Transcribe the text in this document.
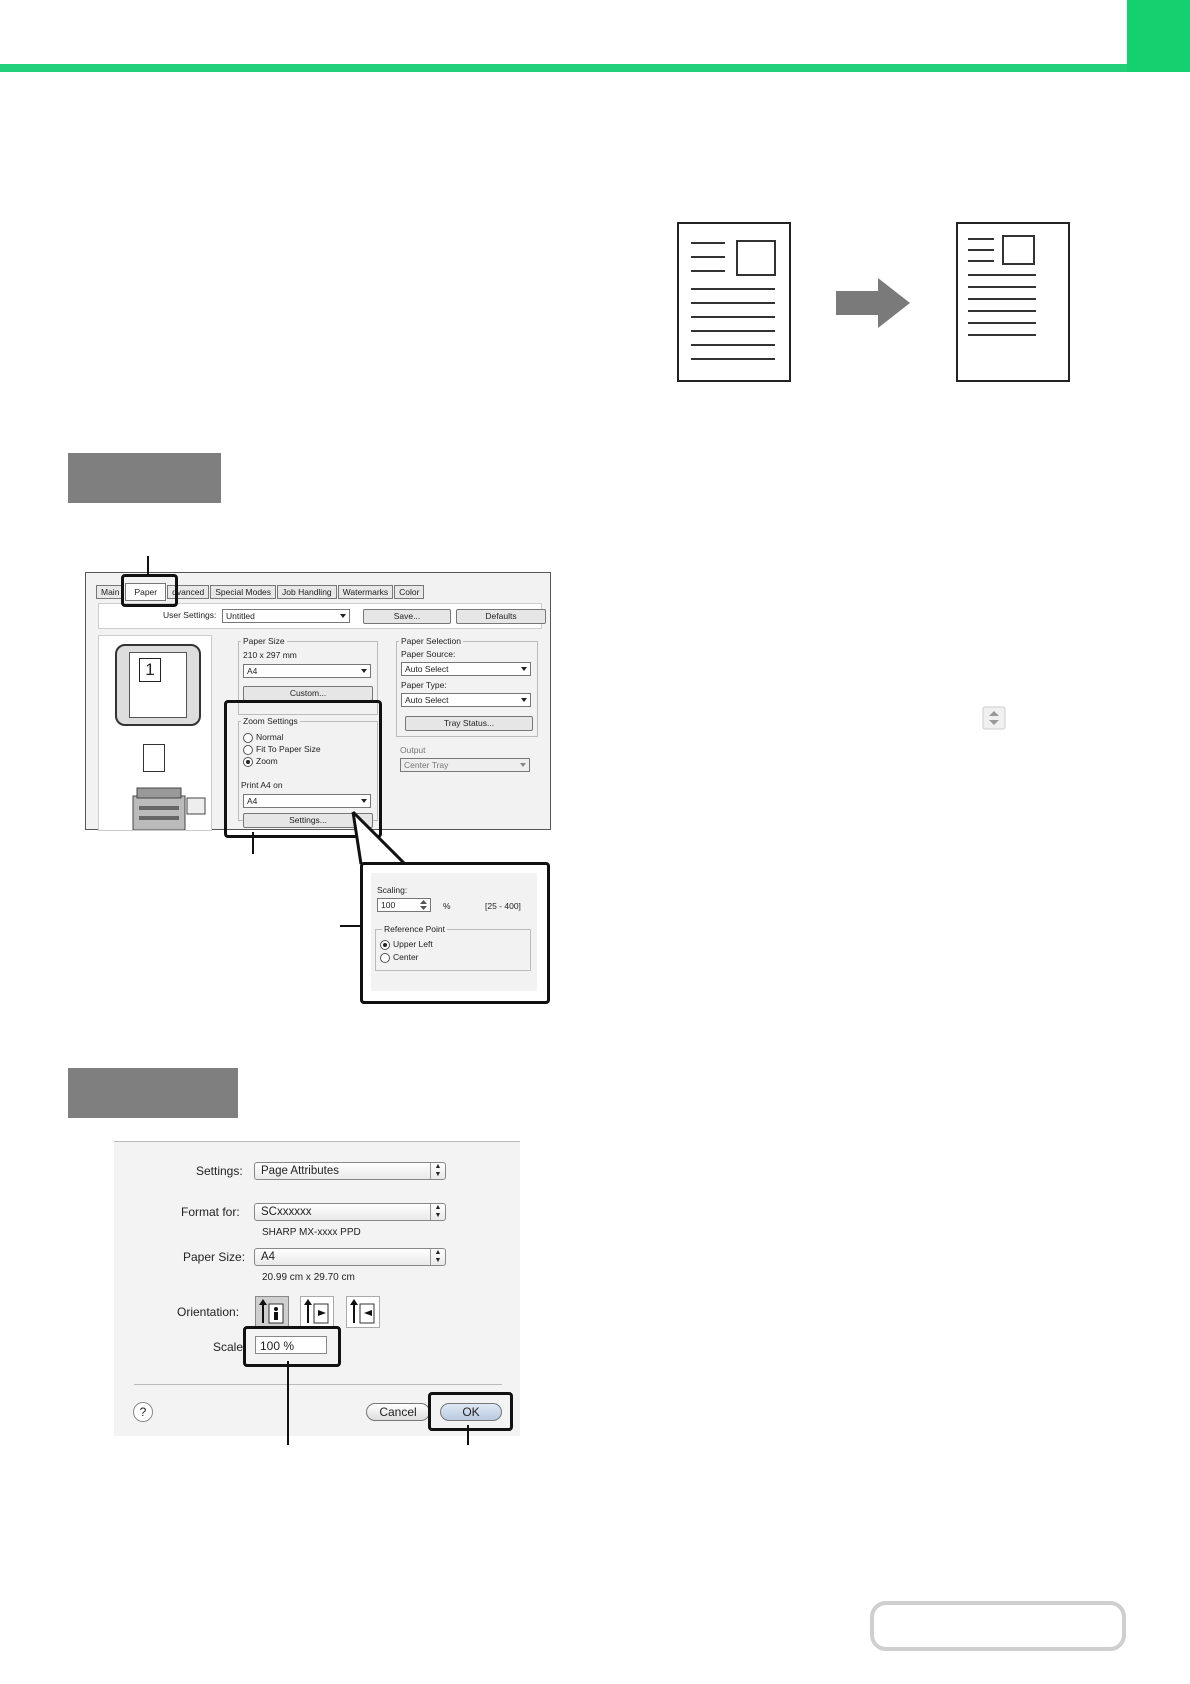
Main Paper dvanced Special Modes Job Handling Watermarks Color
User Settings:	Untitled	Save...	Defaults
1
Paper Size
210 x 297 mm
A4
Custom...
Zoom Settings
Normal
Fit To Paper Size
Zoom
Print A4 on
A4
Settings...
Paper Selection
Paper Source:
Auto Select
Paper Type:
Auto Select
Tray Status...
Output
Center Tray
Scaling:
100	%	[25 - 400]
Reference Point
Upper Left
Center
Settings:	Page Attributes	▲
▼
Format for:	SCxxxxxx	▲
▼
SHARP MX-xxxx PPD
Paper Size:	A4	▲
▼
20.99 cm x 29.70 cm
Orientation:
Scale	100 %
?	Cancel	OK
